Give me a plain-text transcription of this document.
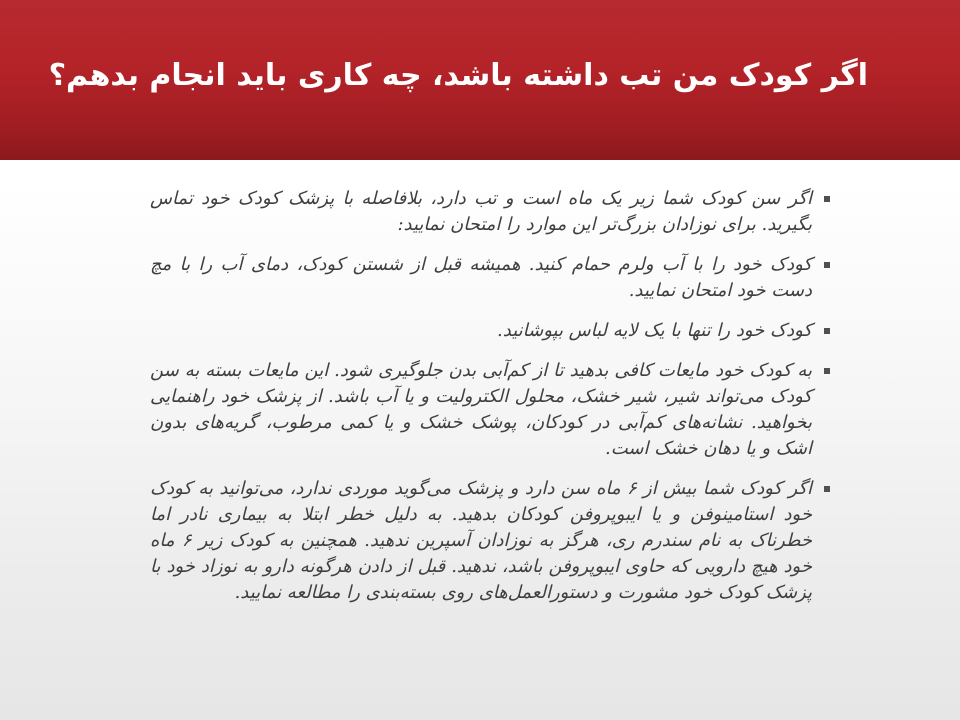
اگر کودک من تب داشته باشد، چه کاری باید انجام بدهم؟
اگر سن کودک شما زیر یک ماه است و تب دارد، بلافاصله با پزشک کودک خود تماس بگیرید. برای نوزادان بزرگ‌تر این موارد را امتحان نمایید:
کودک خود را با آب ولرم حمام کنید. همیشه قبل از شستن کودک، دمای آب را با مچ دست خود امتحان نمایید.
کودک خود را تنها با یک لایه لباس بپوشانید.
به کودک خود مایعات کافی بدهید تا از کم‌آبی بدن جلوگیری شود. این مایعات بسته به سن کودک می‌تواند شیر، شیر خشک، محلول الکترولیت و یا آب باشد. از پزشک خود راهنمایی بخواهید. نشانه‌های کم‌آبی در کودکان، پوشک خشک و یا کمی مرطوب، گریه‌های بدون اشک و یا دهان خشک است.
اگر کودک شما بیش از ۶ ماه سن دارد و پزشک می‌گوید موردی ندارد، می‌توانید به کودک خود استامینوفن و یا ایبوپروفن کودکان بدهید. به دلیل خطر ابتلا به بیماری نادر اما خطرناک به نام سندرم ری، هرگز به نوزادان آسپرین ندهید. همچنین به کودک زیر ۶ ماه خود هیچ دارویی که حاوی ایبوپروفن باشد، ندهید. قبل از دادن هرگونه دارو به نوزاد خود با پزشک کودک خود مشورت و دستورالعمل‌های روی بسته‌بندی را مطالعه نمایید.
